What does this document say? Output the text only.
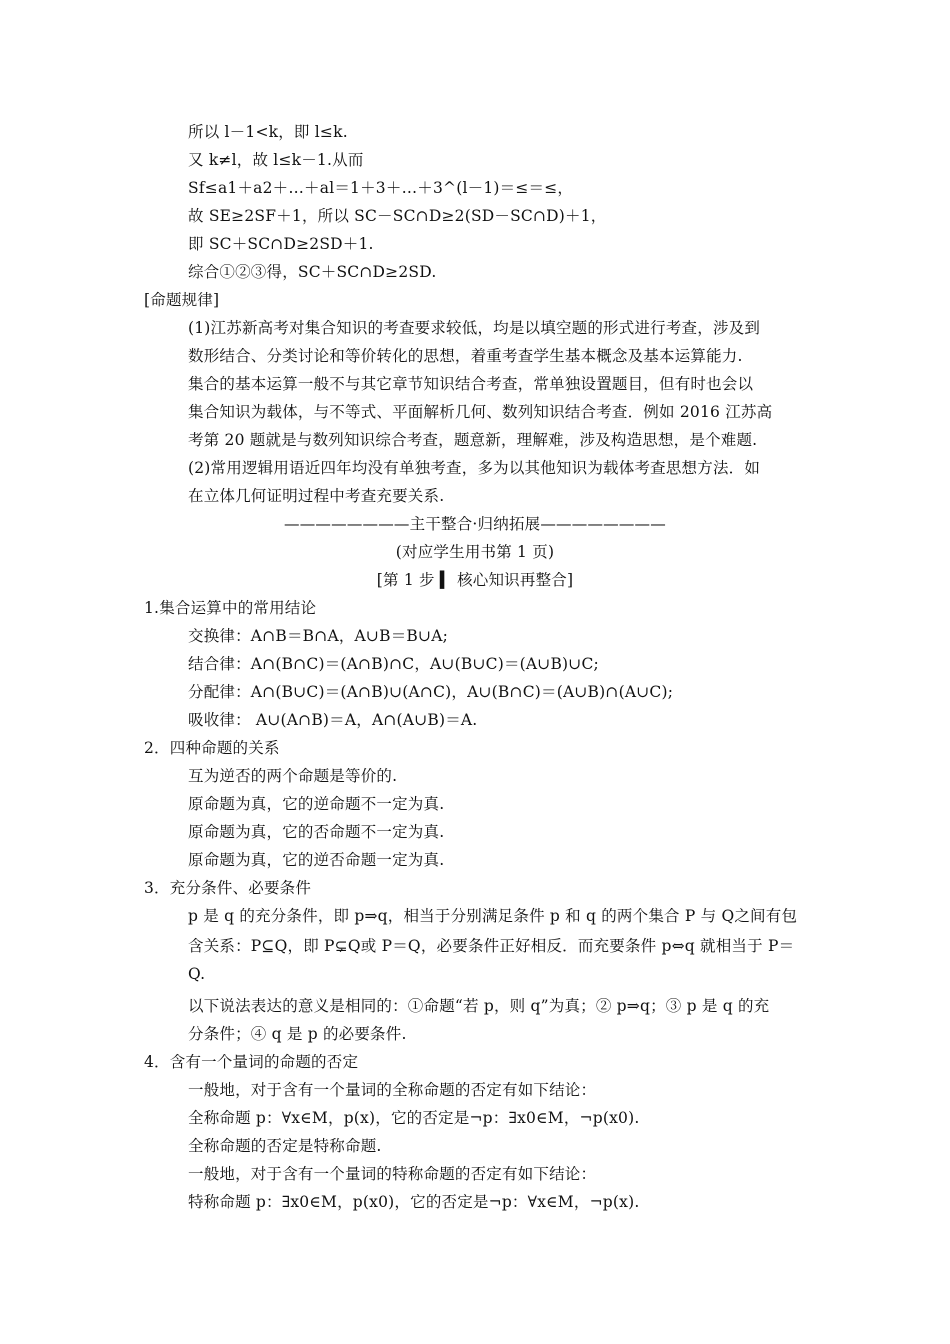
所以 l－1<k，即 l≤k.
又 k≠l，故 l≤k－1.从而
Sf≤a1＋a2＋…＋al＝1＋3＋…＋3^(l－1)＝≤＝≤，
故 SE≥2SF＋1，所以 SC－SC∩D≥2(SD－SC∩D)＋1，
即 SC＋SC∩D≥2SD＋1.
综合①②③得，SC＋SC∩D≥2SD.
[命题规律]
(1)江苏新高考对集合知识的考查要求较低，均是以填空题的形式进行考查，涉及到
数形结合、分类讨论和等价转化的思想，着重考查学生基本概念及基本运算能力.
集合的基本运算一般不与其它章节知识结合考查，常单独设置题目，但有时也会以
集合知识为载体，与不等式、平面解析几何、数列知识结合考查．例如 2016 江苏高
考第 20 题就是与数列知识综合考查，题意新，理解难，涉及构造思想，是个难题.
(2)常用逻辑用语近四年均没有单独考查，多为以其他知识为载体考查思想方法．如
在立体几何证明过程中考查充要关系.
————————主干整合·归纳拓展————————
(对应学生用书第 1 页)
[第 1 步 ▍ 核心知识再整合]
1.集合运算中的常用结论
交换律：A∩B＝B∩A，A∪B＝B∪A;
结合律：A∩(B∩C)＝(A∩B)∩C，A∪(B∪C)＝(A∪B)∪C;
分配律：A∩(B∪C)＝(A∩B)∪(A∩C)，A∪(B∩C)＝(A∪B)∩(A∪C);
吸收律： A∪(A∩B)＝A，A∩(A∪B)＝A.
2．四种命题的关系
互为逆否的两个命题是等价的.
原命题为真，它的逆命题不一定为真.
原命题为真，它的否命题不一定为真.
原命题为真，它的逆否命题一定为真.
3．充分条件、必要条件
p 是 q 的充分条件，即 p⇒q，相当于分别满足条件 p 和 q 的两个集合 P 与 Q之间有包
含关系：P⊆Q，即 P⊊Q或 P＝Q，必要条件正好相反．而充要条件 p⇔q 就相当于 P＝
Q.
以下说法表达的意义是相同的：①命题“若 p，则 q”为真；② p⇒q；③ p 是 q 的充
分条件；④ q 是 p 的必要条件.
4．含有一个量词的命题的否定
一般地，对于含有一个量词的全称命题的否定有如下结论：
全称命题 p：∀x∈M，p(x)，它的否定是¬p：∃x0∈M，¬p(x0).
全称命题的否定是特称命题.
一般地，对于含有一个量词的特称命题的否定有如下结论：
特称命题 p：∃x0∈M，p(x0)，它的否定是¬p：∀x∈M，¬p(x).
